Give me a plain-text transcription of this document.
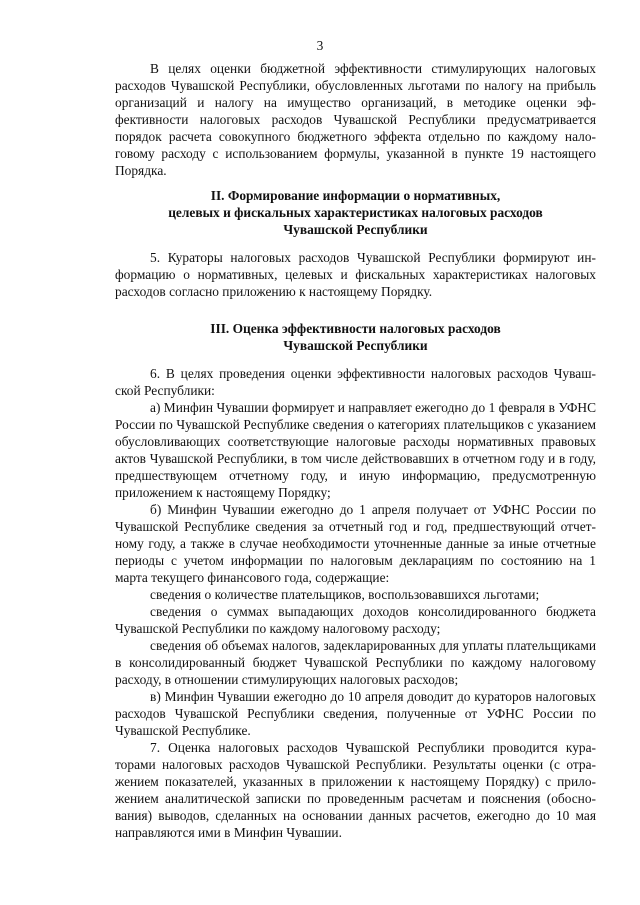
3

В целях оценки бюджетной эффективности стимулирующих налоговых расходов Чувашской Республики, обусловленных льготами по налогу на прибыль организаций и налогу на имущество организаций, в методике оценки эффективности налоговых расходов Чувашской Республики предусматривается порядок расчета совокупного бюджетного эффекта отдельно по каждому налоговому расходу с использованием формулы, указанной в пункте 19 настоящего Порядка.

II. Формирование информации о нормативных,
целевых и фискальных характеристиках налоговых расходов
Чувашской Республики

5. Кураторы налоговых расходов Чувашской Республики формируют информацию о нормативных, целевых и фискальных характеристиках налоговых расходов согласно приложению к настоящему Порядку.

III. Оценка эффективности налоговых расходов
Чувашской Республики

6. В целях проведения оценки эффективности налоговых расходов Чувашской Республики:

а) Минфин Чувашии формирует и направляет ежегодно до 1 февраля в УФНС России по Чувашской Республике сведения о категориях плательщиков с указанием обусловливающих соответствующие налоговые расходы нормативных правовых актов Чувашской Республики, в том числе действовавших в отчетном году и в году, предшествующем отчетному году, и иную информацию, предусмотренную приложением к настоящему Порядку;

б) Минфин Чувашии ежегодно до 1 апреля получает от УФНС России по Чувашской Республике сведения за отчетный год и год, предшествующий отчетному году, а также в случае необходимости уточненные данные за иные отчетные периоды с учетом информации по налоговым декларациям по состоянию на 1 марта текущего финансового года, содержащие:

сведения о количестве плательщиков, воспользовавшихся льготами;

сведения о суммах выпадающих доходов консолидированного бюджета Чувашской Республики по каждому налоговому расходу;

сведения об объемах налогов, задекларированных для уплаты плательщиками в консолидированный бюджет Чувашской Республики по каждому налоговому расходу, в отношении стимулирующих налоговых расходов;

в) Минфин Чувашии ежегодно до 10 апреля доводит до кураторов налоговых расходов Чувашской Республики сведения, полученные от УФНС России по Чувашской Республике.

7. Оценка налоговых расходов Чувашской Республики проводится кураторами налоговых расходов Чувашской Республики. Результаты оценки (с отражением показателей, указанных в приложении к настоящему Порядку) с приложением аналитической записки по проведенным расчетам и пояснения (обоснования) выводов, сделанных на основании данных расчетов, ежегодно до 10 мая направляются ими в Минфин Чувашии.
